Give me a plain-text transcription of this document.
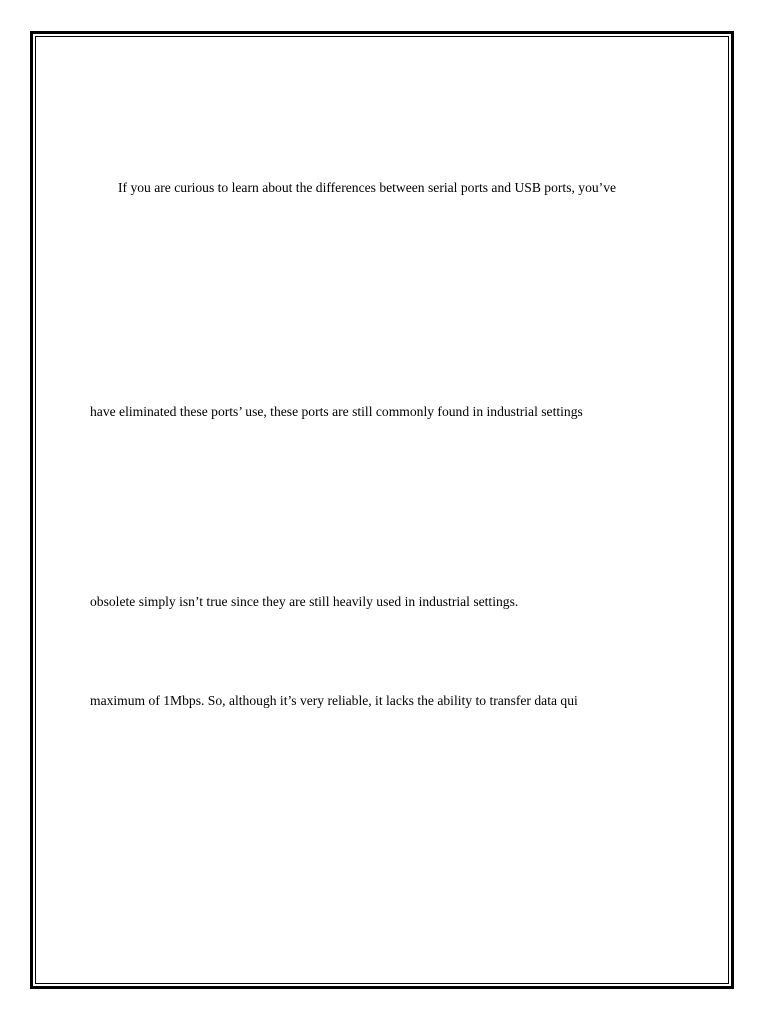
If you are curious to learn about the differences between serial ports and USB ports, you’ve

have eliminated these ports’ use, these ports are still commonly found in industrial settings

obsolete simply isn’t true since they are still heavily used in industrial settings.

maximum of 1Mbps. So, although it’s very reliable, it lacks the ability to transfer data qui
